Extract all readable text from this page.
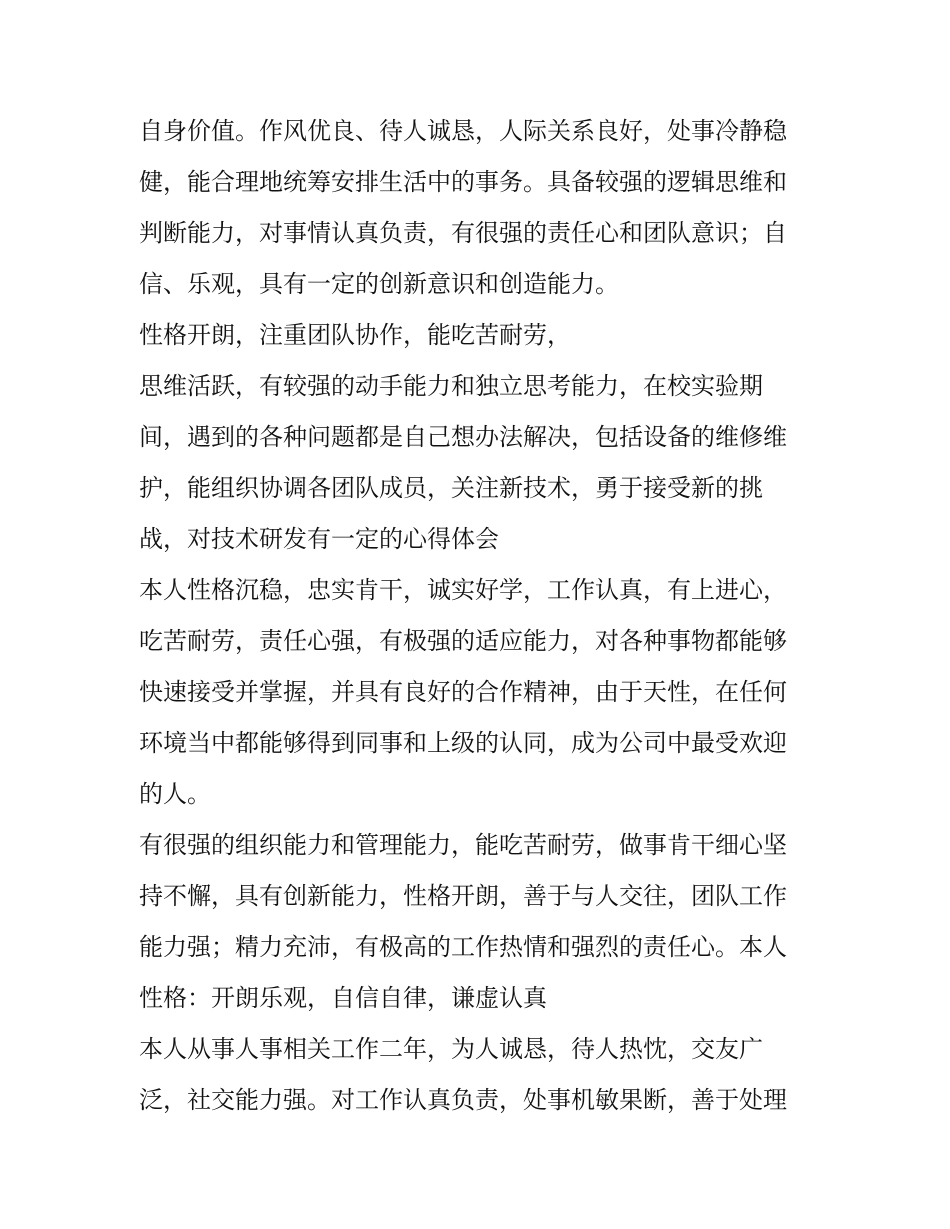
自身价值。作风优良、待人诚恳，人际关系良好，处事冷静稳
健，能合理地统筹安排生活中的事务。具备较强的逻辑思维和
判断能力，对事情认真负责，有很强的责任心和团队意识；自
信、乐观，具有一定的创新意识和创造能力。
性格开朗，注重团队协作，能吃苦耐劳，
思维活跃，有较强的动手能力和独立思考能力，在校实验期
间，遇到的各种问题都是自己想办法解决，包括设备的维修维
护，能组织协调各团队成员，关注新技术，勇于接受新的挑
战，对技术研发有一定的心得体会
本人性格沉稳，忠实肯干，诚实好学，工作认真，有上进心，
吃苦耐劳，责任心强，有极强的适应能力，对各种事物都能够
快速接受并掌握，并具有良好的合作精神，由于天性，在任何
环境当中都能够得到同事和上级的认同，成为公司中最受欢迎
的人。
有很强的组织能力和管理能力，能吃苦耐劳，做事肯干细心坚
持不懈，具有创新能力，性格开朗，善于与人交往，团队工作
能力强；精力充沛，有极高的工作热情和强烈的责任心。本人
性格：开朗乐观，自信自律，谦虚认真
本人从事人事相关工作二年，为人诚恳，待人热忱，交友广
泛，社交能力强。对工作认真负责，处事机敏果断，善于处理
